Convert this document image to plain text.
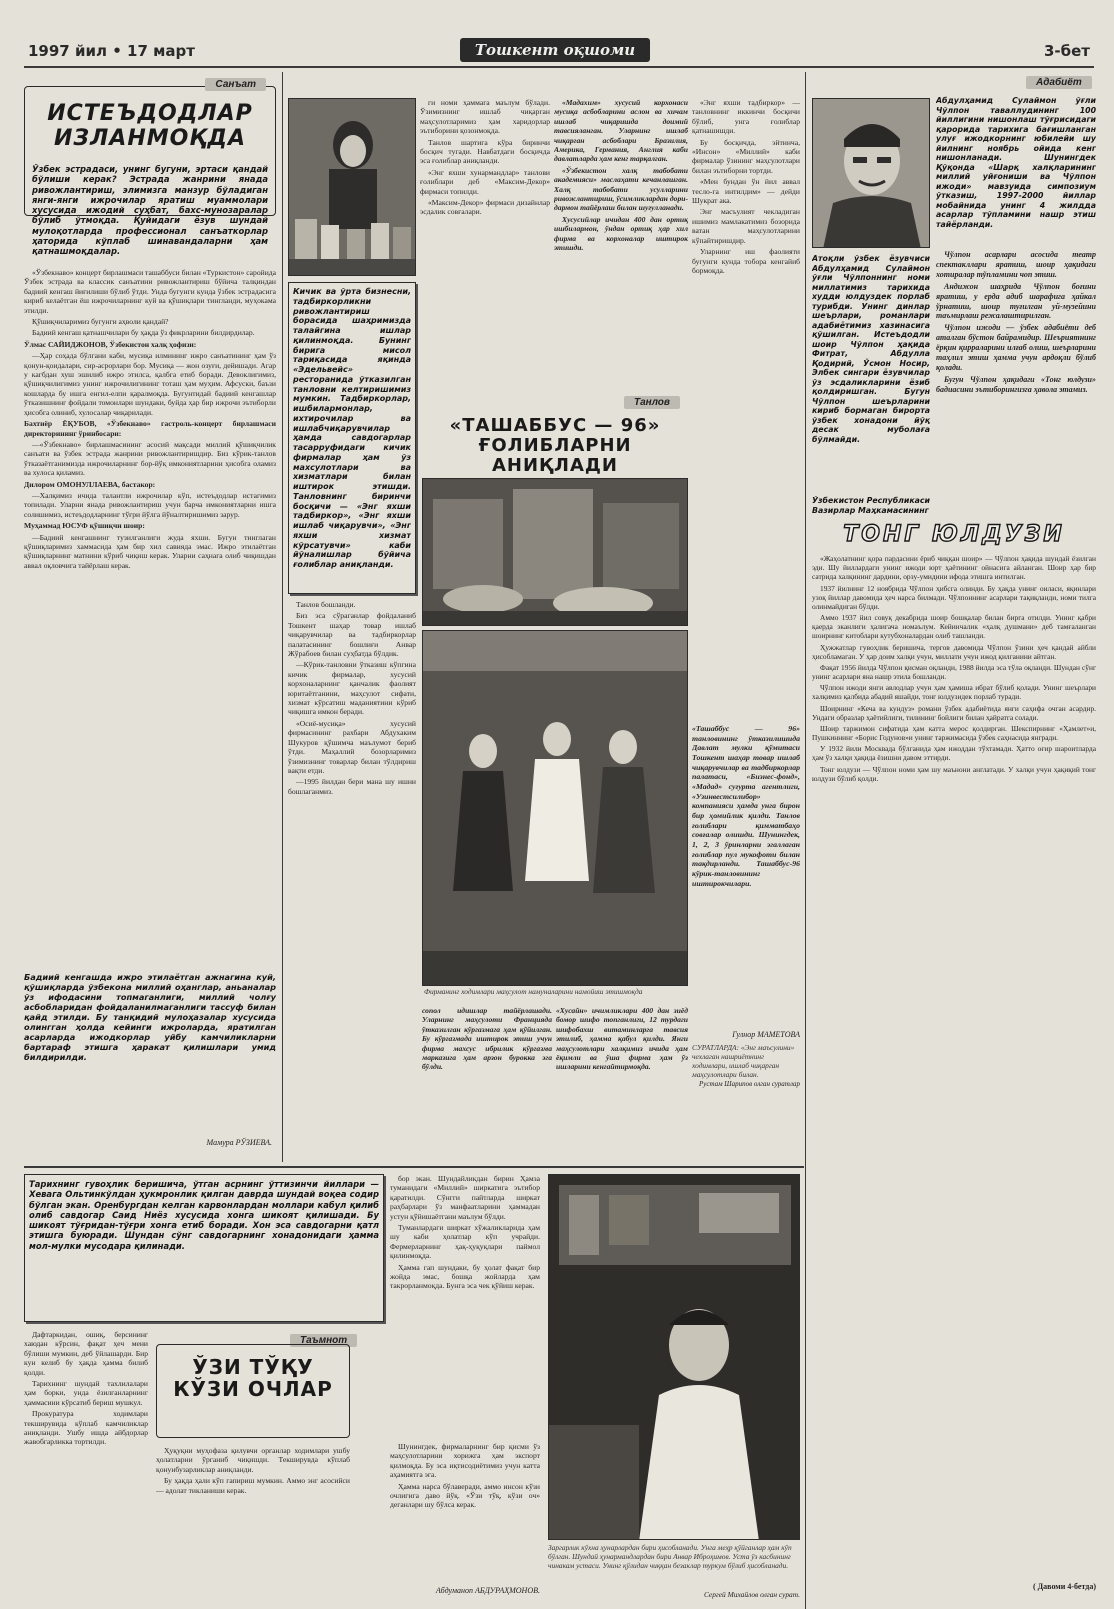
1997 йил • 17 март	Тошкент оқшоми	3-бет
Санъат
ИСТЕЪДОДЛАР ИЗЛАНМОҚДА
Ўзбек эстрадаси, унинг бугуни, эртаси қандай бўлиши керак? Эстрада жанрини янада ривожлантириш, элимизга манзур бўладиган янги-янги ижрочилар яратиш муаммолари хусусида ижодий суҳбат, бахс-мунозаралар бўлиб ўтмоқда. Қуйидаги ёзув шундай мулоқотларда профессионал санъаткорлар ҳаторида кўплаб шинавандаларни ҳам қатнашмоқдалар.

«Ўзбекнаво» концерт бирлашмаси ташаббуси билан «Туркистон» саройида Ўзбек эстрада ва классик санъатини ривожлантириш бўйича талқиндан бадиий кенгаш йиғилиши бўлиб ўтди. Унда бугунги кунда ўзбек эстрадасига кириб келаётган ёш ижрочиларнинг куй ва қўшиқлари тингланди, муҳокама этилди.

Қўшиқчиларимиз бугунги аҳволи қандай?

Бадиий кенгаш қатнашчилари бу ҳақда ўз фикрларини билдирдилар.

Ўлмас САЙИДЖОНОВ, Ўзбекистон халқ ҳофизи:

—Ҳар соҳада бўлгани каби, мусиқа илмининг ижро санъатининг ҳам ўз қонун-қоидалари, сир-асрорлари бор. Мусиқа — жон озуғи, дейишади. Агар у кагбдан хуш эшилиб ижро этилса, қалбга етиб боради. Девоклигимиз, қўшиқчилигимиз унинг ижрочилигининг тоташ ҳам муҳим. Афсуски, баъзи кошларда бу ишга енгил-елпи қаралмоқда. Бугунтидай бадиий кенгашлар ўтказишнинг фойдали томонлари шундаки, буйда ҳар бир ижрочи эътиборли ҳисобга олиниб, хулосалар чиқарилади.

Бахтиёр ЁҚУБОВ, «Ўзбекнаво» гастроль-концерт бирлашмаси директорининг ўринбосари:

—«Ўзбекнаво» бирлашмасининг асосий мақсади миллий қўшиқчилик санъати ва ўзбек эстрада жанрини ривожлантиришдир. Биз кўрик-танлов ўтказаётганимизда ижрочиларнинг бор-йўқ имкониятларини ҳисобга оламиз ва хулоса қиламиз.

Дилором ОМОНУЛЛАЕВА, бастакор:

—Халқимиз ичида талантли ижрочилар кўп, истеъдодлар истагимиз топилади. Уларни янада ривожлантириш учун барча имкониятларни ишга солишимиз, истеъдодларнинг тўғри йўлга йўналтиришимиз зарур.

Муҳаммад ЮСУФ қўшиқчи шоир:

—Бадиий кенгашнинг тузилганлиги жуда яхши. Бугун тинглаган қўшиқларимиз хаммасида ҳам бир хил савияда эмас. Ижро этилаётган қўшиқларнинг матнини кўриб чиқиш керак. Уларни саҳнага олиб чиқишдан аввал оқловчига тайёрлаш керак.

Бадиий кенгашда ижро этилаётган ажнагина куй, қўшиқларда ўзбекона миллий оҳанглар, аньаналар ўз ифодасини топмаганлиги, миллий чолғу асбобларидан фойдаланилмаганлиги тассуф билан қайд этилди. Бу танқидий мулоҳазалар хусусида олингган ҳолда кейинги ижроларда, яратилган асарларда ижодкорлар уйбу камчиликларни бартараф этишга ҳаракат қилишлари умид билдирилди.
Мамура РЎЗИЕВА.
Кичик ва ўрта бизнесни, тадбиркорликни ривожлантириш борасида шаҳримизда талайгина ишлар қилинмоқда. Бунинг бирига мисол тариқасида яқинда «Эдельвейс» ресторанида ўтказилган танловни келтиришимиз мумкин. Тадбиркорлар, ишбилармонлар, ихтирочилар ва ишлабчиқарувчилар ҳамда савдогарлар тасарруфидаги кичик фирмалар ҳам ўз махсулотлари ва хизматлари билан иштирок этишди. Танловнинг биринчи босқичи — «Энг яхши тадбиркор», «Энг яхши ишлаб чиқарувчи», «Энг яхши хизмат кўрсатувчи» каби йўналишлар бўйича ғолиблар аниқланди.

Танлов бошланди.

Биз эса сўраганлар фойдаланиб Тошкент шаҳар товар ишлаб чиқарувчилар ва тадбиркорлар палатасининг бошлиғи Анвар Жўрабоев билан суҳбатда бўлдик.

—Кўрик-танловни ўтказиш кўпгина кичик фирмалар, хусусий корхоналарнинг қанчалик фаолият юритаётганини, маҳсулот сифати, хизмат кўрсатиш маданиятини кўриб чиқишга имкон беради.

«Осиё-мусиқа» хусусий фирмасининг рахбари Абдухаким Шукуров қўшимча маълумот бериб ўтди. Маҳаллий бозорларимиз ўзимизнинг товарлар билан тўлдириш вақти етди.

—1995 йилдан бери мана шу ишни бошлаганмиз.

ги номи ҳаммага маълум бўлади. Ўзимизнинг ишлаб чиқарган маҳсулотларимиз ҳам харидорлар эътиборини қозонмоқда.

Танлов шартига кўра биринчи босқич тугади. Навбатдаги босқичда эса ғолиблар аниқланди.

«Энг яхши хунармандлар» танлови ғолиблари деб «Максим-Декор» фирмаси топилди.

«Максим-Декор» фирмаси дизайнлар эсдалик совғалари.

«Мадахим» хусусий корхонаси мусиқа асбобларини аслон ва хичам ишлаб чиқаришда доимий тавсияланган. Уларнинг ишлаб чиқарган асбоблари Бразилия, Америка, Германия, Англия каби давлатларда ҳам кенг тарқалган.

«Ўзбекистон халқ табобати академияси» маслаҳати кечанлашган. Халқ табобати усулларини ривожлантириш, ўсимликлардан дори-дармон тайёрлаш билан шуғулланади.

Хусусийлар ичидан 400 дан ортиқ ишбилармон, ўндан ортиқ ҳар хил фирма ва корхоналар иштирок этишди.

«Энг яхши тадбиркор» — танловнинг иккинчи босқичи бўлиб, унга ғолиблар қатнашишди.

Бу босқичда, эйтинча, «Инсон» «Миллий» каби фирмалар ўзининг маҳсулотлари билан эътиборни тортди.

«Мен бундан ўн йил аввал тесло-га интилдим» — дейди Шукрат ака.

Энг масъулият чекладиган ишимиз мамлакатимиз бозорида ватан маҳсулотларини кўпайтиришдир.

Уларнинг иш фаолияти бугунги кунда тобора кенгайиб бормоқда.

Танлов
«ТАШАББУС — 96» ҒОЛИБЛАРНИ АНИҚЛАДИ
Фирманинг ходимлари маҳсулот намуналарини намойиш этишмоқда
«Ташаббус — 96» танловининг ўтказилишида Давлат мулки қўмитаси Тошкент шаҳар товар ишлаб чиқарувчилар ва тадбиркорлар палатаси, «Бизнес-фонд», «Мадад» суғурта агентлиги, «Узинвестсилибор» компанияси ҳамда унга бирон бир ҳомийлик қилди. Танлов ғолиблари қимматбаҳо совғалар олишди. Шунингдек, 1, 2, 3 ўринларни эгаллаган ғолиблар пул мукофоти билан тақдирланди. Ташаббус-96 кўрик-танловининг иштирокчилари.
сопол идишлар тайёрлашади. Уларнинг маҳсулоти Францияда ўтказилган кўргазмага ҳам қўйилган. Бу кўргазмада иштирок этиш учун фирма махсус ибрилик кўргазма марказига ҳам арзон бурокка эга бўлди.
«Хусайн» ичимликлари 400 дан зиёд бомор шифо топганлиги, 12 турдаги шифобахш витаминларга тавсия этилиб, ҳамма қабул қилди. Янги маҳсулотлари халқимиз ичида ҳам ёқимли ва ўша фирма ҳам ўз ишларини кенгайтирмоқда.
Гулнор МАМЕТОВА
СУРАТЛАРДА: «Энг маъсулини» чехлаган нашриётнинг ходимлари, ишлаб чиқарган маҳсулотлари билан.
Рустам Шарипов олган суратлар
Адабиёт
Абдулҳамид Сулаймон ўғли Чўлпон таваллудининг 100 йиллигини нишонлаш тўғрисидаги қарорида тарихига бағишланган улуғ ижодкорнинг юбилейи шу йилнинг ноябрь ойида кенг нишонланади. Шунингдек Қўқонда «Шарқ халқларининг миллий уйғониши ва Чўлпон ижоди» мавзуида симпозиум ўтказиш, 1997-2000 йиллар мобайнида унинг 4 жилдда асарлар тўпламини нашр этиш тайёрланди.
Атоқли ўзбек ёзувчиси Абдулҳамид Сулаймон ўғли Чўлпоннинг номи миллатимиз тарихида худди юлдуздек порлаб турибди. Унинг динлар шеърлари, романлари адабиётимиз хазинасига қўшилган. Истеъдодли шоир Чўлпон ҳақида Фитрат, Абдулла Қодирий, Ўсмон Носир, Элбек сингари ёзувчилар ўз эсдаликларини ёзиб қолдиришган. Бугун Чўлпон шеърларини кириб бормаган бирорта ўзбек хонадони йўқ десак муболаға бўлмайди.
Ўзбекистон Республикаси Вазирлар Маҳкамасининг

Чўлпон асарлари асосида театр спектакллари яратиш, шоир ҳақидаги хотиралар тўпламини чоп этиш.

Андижон шаҳрида Чўлпон боғини яратиш, у ерда адиб шарафига ҳайкал ўрнатиш, шоир туғилган уй-музейини таъмирлаш режалаштирилган.

Чўлпон ижоди — ўзбек адабиёти деб аталган бўстон байрамидир. Шеъриятнинг ёрқин қирраларини илғаб олиш, шеърларини таҳлил этиш ҳамма учун ардоқли бўлиб қолади.

Бугун Чўлпон ҳақидаги «Тонг юлдузи» бадиасини эътиборингизга ҳавола этамиз.

ТОНГ ЮЛДУЗИ

«Жаҳолатнинг қора пардасини ёриб чиққан шоир» — Чўлпон ҳақида шундай ёзилган эди. Шу йиллардаги унинг ижоди юрт ҳаётининг ойнасига айланган. Шоир ҳар бир сатрида халқининг дардини, орзу-умидини ифода этишга интилган.

1937 йилнинг 12 ноябрида Чўлпон ҳибсга олинди. Бу ҳақда унинг оиласи, яқинлари узоқ йиллар давомида ҳеч нарса билмади. Чўлпоннинг асарлари тақиқланди, номи тилга олинмайдиган бўлди.

Аммо 1937 йил совуқ декабрида шоир бошқалар билан бирга отилди. Унинг қабри қаерда эканлиги ҳалигача номаълум. Кейинчалик «ҳалқ душмани» деб тамғаланган шоирнинг китоблари кутубхоналардан олиб ташланди.

Ҳужжатлар гувоҳлик беришича, тергов давомида Чўлпон ўзини ҳеч қандай айбли ҳисобламаган. У ҳар доим халқи учун, миллати учун ижод қилганини айтган.

Фақат 1956 йилда Чўлпон қисман оқланди, 1988 йилда эса тўла оқланди. Шундан сўнг унинг асарлари яна нашр этила бошланди.

Чўлпон ижоди янги авлодлар учун ҳам ҳамиша ибрат бўлиб қолади. Унинг шеърлари халқимиз қалбида абадий яшайди, тонг юлдузидек порлаб туради.

Шоирнинг «Кеча ва кундуз» романи ўзбек адабиётида янги саҳифа очган асардир. Ундаги образлар ҳаётийлиги, тилининг бойлиги билан ҳайратга солади.

Шоир таржимон сифатида ҳам катта мерос қолдирган. Шекспирнинг «Ҳамлет»и, Пушкиннинг «Борис Годунов»и унинг таржимасида ўзбек саҳнасида янгради.

У 1932 йили Москвада бўлганида ҳам ижоддан тўхтамади. Ҳатто оғир шароитларда ҳам ўз халқи ҳақида ёзишни давом эттирди.

Тонг юлдузи — Чўлпон номи ҳам шу маънони англатади. У халқи учун ҳақиқий тонг юлдузи бўлиб қолди.

( Давоми 4-бетда)
Тарихнинг гувоҳлик беришича, ўтган асрнинг ўттизинчи йиллари — Хевага Ольтинкўлдан ҳукмронлик қилган даврда шундай воқеа содир бўлган экан. Оренбургдан келган карвонлардан моллари кабул қилиб олиб савдогар Саид Ниёз хусусида хонга шикоят қилишади. Бу шикоят тўғридан-тўғри хонга етиб боради. Хон эса савдогарни қатл этишга буюради. Шундан сўнг савдогарнинг хонадонидаги ҳамма мол-мулки мусодара қилинади.

Дафтаркидан, ошиқ, берсининг хаюдан кўрсин, фақат ҳеч мени бўлиши мумкин, деб ўйлашарди. Бир кун келиб бу ҳақда ҳамма билиб қолди.

Тарихнинг шундай тахлилалари ҳам борки, унда ёзилганларнинг ҳаммасини кўрсатиб бериш мушкул.

Прокуратура ходимлари текширувида кўплаб камчиликлар аниқланди. Ушбу ишда айбдорлар жавобгарликка тортилди.

Таъмнот
ЎЗИ ТЎҚУ КЎЗИ ОЧЛАР

Ҳуқуқни муҳофаза қилувчи органлар ходимлари ушбу ҳолатларни ўрганиб чиқишди. Текширувда кўплаб қонунбузарликлар аниқланди.

Бу ҳақда ҳали кўп гапириш мумкин. Аммо энг асосийси — адолат тикланиши керак.

бор экан. Шундайликдан бирин Ҳамза туманидаги «Миллий» ширкатига эътибор қаратилди. Сўнгги пайтларда ширкат раҳбарлари ўз манфаатларини ҳаммадан устун қўйишаётгани маълум бўлди.

Туманлардаги ширкат хўжаликларида ҳам шу каби ҳолатлар кўп учрайди. Фермерларнинг ҳақ-ҳуқуқлари паймол қилинмоқда.

Ҳамма гап шундаки, бу ҳолат фақат бир жойда эмас, бошқа жойларда ҳам такрорланмоқда. Бунга эса чек қўйиш керак.

Шунингдек, фирмаларнинг бир қисми ўз маҳсулотларини хорижга ҳам экспорт қилмоқда. Бу эса иқтисодиётимиз учун катта аҳамиятга эга.

Ҳамма нарса бўлаверади, аммо инсон кўзи очлигига даво йўқ. «Ўзи тўқ, кўзи оч» деганлари шу бўлса керак.

Абдуманоп АБДУРАҲМОНОВ.
Заргарлик кўхна ҳунарлардан бири ҳисобланади. Унга меҳр қўйганлар ҳам кўп бўлган. Шундай ҳунармандлардан бири Анвар Иброҳимов. Уста ўз касбининг чинакам устаси. Унинг қўлидан чиққан безаклар туркум бўлиб ҳисобланади.
Сергей Михайлов олган сурат.
